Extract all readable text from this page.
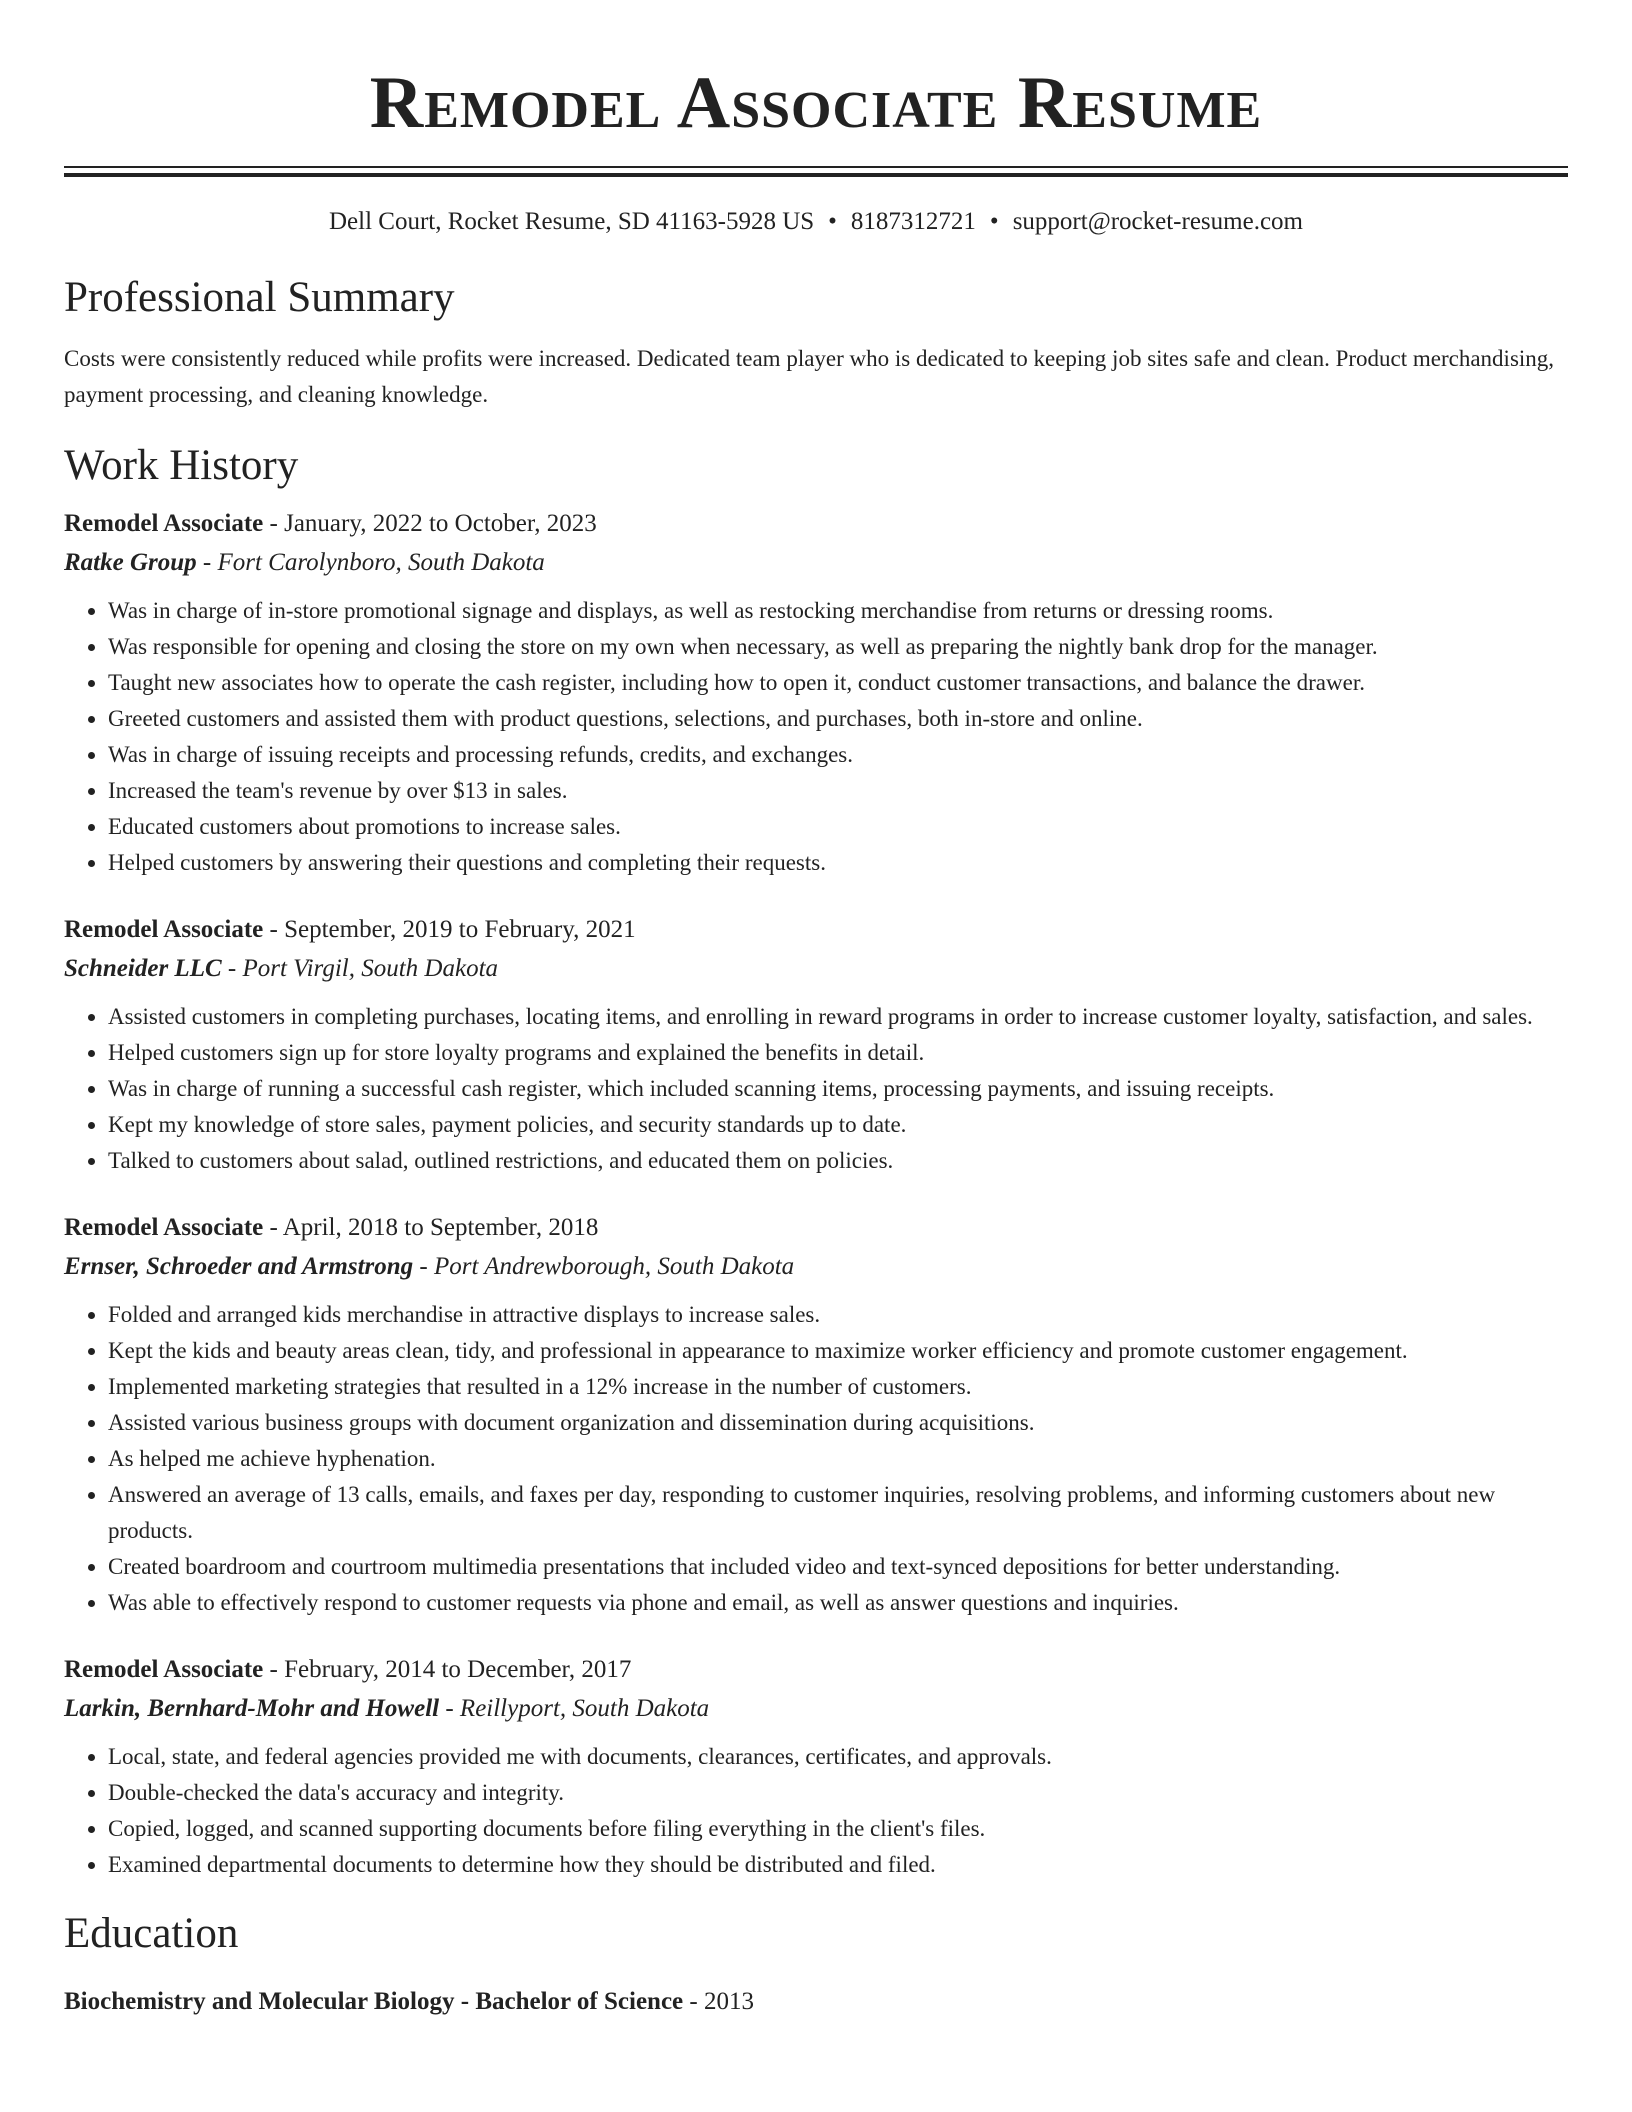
Remodel Associate Resume
Dell Court, Rocket Resume, SD 41163-5928 US • 8187312721 • support@rocket-resume.com
Professional Summary

Costs were consistently reduced while profits were increased. Dedicated team player who is dedicated to keeping job sites safe and clean. Product merchandising, payment processing, and cleaning knowledge.

Work History
Remodel Associate - January, 2022 to October, 2023
Ratke Group - Fort Carolynboro, South Dakota
• Was in charge of in-store promotional signage and displays, as well as restocking merchandise from returns or dressing rooms.
• Was responsible for opening and closing the store on my own when necessary, as well as preparing the nightly bank drop for the manager.
• Taught new associates how to operate the cash register, including how to open it, conduct customer transactions, and balance the drawer.
• Greeted customers and assisted them with product questions, selections, and purchases, both in-store and online.
• Was in charge of issuing receipts and processing refunds, credits, and exchanges.
• Increased the team's revenue by over $13 in sales.
• Educated customers about promotions to increase sales.
• Helped customers by answering their questions and completing their requests.
Remodel Associate - September, 2019 to February, 2021
Schneider LLC - Port Virgil, South Dakota
• Assisted customers in completing purchases, locating items, and enrolling in reward programs in order to increase customer loyalty, satisfaction, and sales.
• Helped customers sign up for store loyalty programs and explained the benefits in detail.
• Was in charge of running a successful cash register, which included scanning items, processing payments, and issuing receipts.
• Kept my knowledge of store sales, payment policies, and security standards up to date.
• Talked to customers about salad, outlined restrictions, and educated them on policies.
Remodel Associate - April, 2018 to September, 2018
Ernser, Schroeder and Armstrong - Port Andrewborough, South Dakota
• Folded and arranged kids merchandise in attractive displays to increase sales.
• Kept the kids and beauty areas clean, tidy, and professional in appearance to maximize worker efficiency and promote customer engagement.
• Implemented marketing strategies that resulted in a 12% increase in the number of customers.
• Assisted various business groups with document organization and dissemination during acquisitions.
• As helped me achieve hyphenation.
• Answered an average of 13 calls, emails, and faxes per day, responding to customer inquiries, resolving problems, and informing customers about new products.
• Created boardroom and courtroom multimedia presentations that included video and text-synced depositions for better understanding.
• Was able to effectively respond to customer requests via phone and email, as well as answer questions and inquiries.
Remodel Associate - February, 2014 to December, 2017
Larkin, Bernhard-Mohr and Howell - Reillyport, South Dakota
• Local, state, and federal agencies provided me with documents, clearances, certificates, and approvals.
• Double-checked the data's accuracy and integrity.
• Copied, logged, and scanned supporting documents before filing everything in the client's files.
• Examined departmental documents to determine how they should be distributed and filed.
Education
Biochemistry and Molecular Biology - Bachelor of Science - 2013
